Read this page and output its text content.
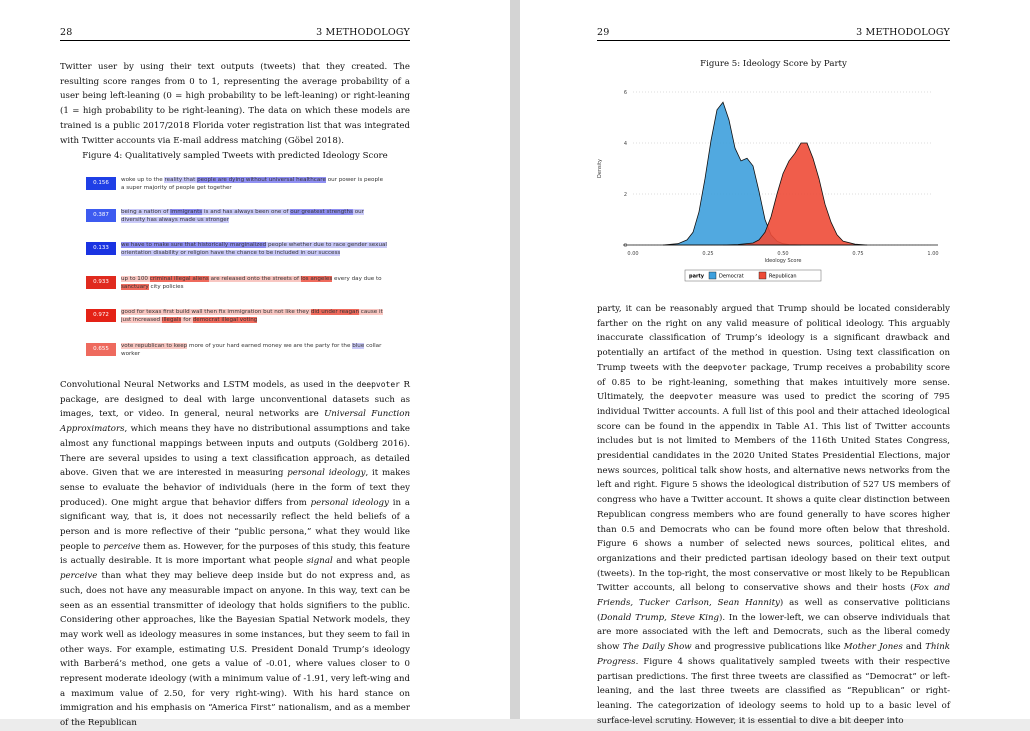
28	3 METHODOLOGY

Twitter user by using their text outputs (tweets) that they created. The resulting score ranges from 0 to 1, representing the average probability of a user being left-leaning (0 = high probability to be left-leaning) or right-leaning (1 = high probability to be right-leaning). The data on which these models are trained is a public 2017/2018 Florida voter registration list that was integrated with Twitter accounts via E-mail address matching (Göbel 2018).

Figure 4: Qualitatively sampled Tweets with predicted Ideology Score
0.156	woke up to the reality that people are dying without universal healthcare our power is people a super majority of people get together
0.387	being a nation of immigrants is and has always been one of our greatest strengths our diversity has always made us stronger
0.133	we have to make sure that historically marginalized people whether due to race gender sexual orientation disability or religion have the chance to be included in our success
0.933	up to 100 criminal illegal aliens are released onto the streets of los angeles every day due to sanctuary city policies
0.972	good for texas first build wall then fix immigration but not like they did under reagan cause it just increased illegals for democrat illegal voting
0.655	vote republican to keep more of your hard earned money we are the party for the blue collar worker

Convolutional Neural Networks and LSTM models, as used in the deepvoter R package, are designed to deal with large unconventional datasets such as images, text, or video. In general, neural networks are Universal Function Approximators, which means they have no distributional assumptions and take almost any functional mappings between inputs and outputs (Goldberg 2016). There are several upsides to using a text classification approach, as detailed above. Given that we are interested in measuring personal ideology, it makes sense to evaluate the behavior of individuals (here in the form of text they produced). One might argue that behavior differs from personal ideology in a significant way, that is, it does not necessarily reflect the held beliefs of a person and is more reflective of their “public persona,” what they would like people to perceive them as. However, for the purposes of this study, this feature is actually desirable. It is more important what people signal and what people perceive than what they may believe deep inside but do not express and, as such, does not have any measurable impact on anyone. In this way, text can be seen as an essential transmitter of ideology that holds signifiers to the public. Considering other approaches, like the Bayesian Spatial Network models, they may work well as ideology measures in some instances, but they seem to fail in other ways. For example, estimating U.S. President Donald Trump’s ideology with Barberá’s method, one gets a value of -0.01, where values closer to 0 represent moderate ideology (with a minimum value of -1.91, very left-wing and a maximum value of 2.50, for very right-wing). With his hard stance on immigration and his emphasis on “America First” nationalism, and as a member of the Republican

29	3 METHODOLOGY
Figure 5: Ideology Score by Party
0
2
4
6
0.00	0.25	0.50	0.75	1.00
Ideology Score
Density
party	Democrat	Republican

party, it can be reasonably argued that Trump should be located considerably farther on the right on any valid measure of political ideology. This arguably inaccurate classification of Trump’s ideology is a significant drawback and potentially an artifact of the method in question. Using text classification on Trump tweets with the deepvoter package, Trump receives a probability score of 0.85 to be right-leaning, something that makes intuitively more sense. Ultimately, the deepvoter measure was used to predict the scoring of 795 individual Twitter accounts. A full list of this pool and their attached ideological score can be found in the appendix in Table A1. This list of Twitter accounts includes but is not limited to Members of the 116th United States Congress, presidential candidates in the 2020 United States Presidential Elections, major news sources, political talk show hosts, and alternative news networks from the left and right. Figure 5 shows the ideological distribution of 527 US members of congress who have a Twitter account. It shows a quite clear distinction between Republican congress members who are found generally to have scores higher than 0.5 and Democrats who can be found more often below that threshold. Figure 6 shows a number of selected news sources, political elites, and organizations and their predicted partisan ideology based on their text output (tweets). In the top-right, the most conservative or most likely to be Republican Twitter accounts, all belong to conservative shows and their hosts (Fox and Friends, Tucker Carlson, Sean Hannity) as well as conservative politicians (Donald Trump, Steve King). In the lower-left, we can observe individuals that are more associated with the left and Democrats, such as the liberal comedy show The Daily Show and progressive publications like Mother Jones and Think Progress. Figure 4 shows qualitatively sampled tweets with their respective partisan predictions. The first three tweets are classified as “Democrat” or left-leaning, and the last three tweets are classified as “Republican” or right-leaning. The categorization of ideology seems to hold up to a basic level of surface-level scrutiny. However, it is essential to dive a bit deeper into
